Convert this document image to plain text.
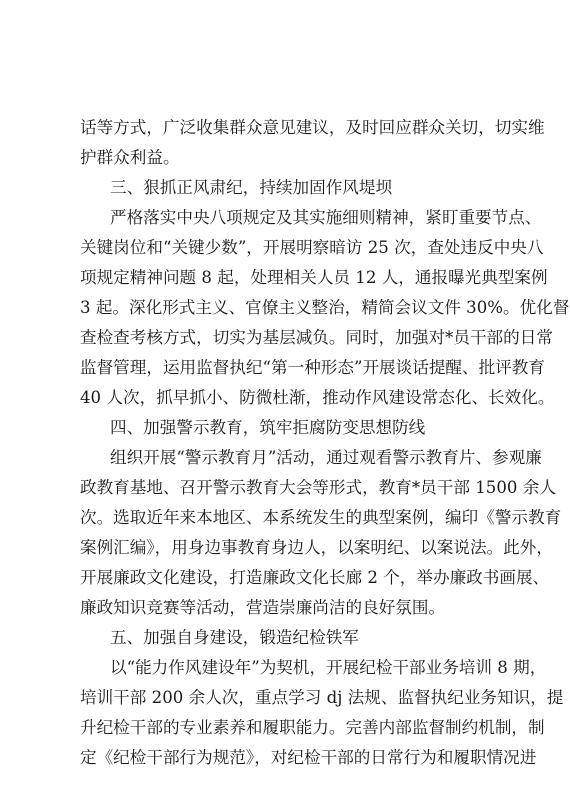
话等方式，广泛收集群众意见建议，及时回应群众关切，切实维
护群众利益。
三、狠抓正风肃纪，持续加固作风堤坝
严格落实中央八项规定及其实施细则精神，紧盯重要节点、
关键岗位和“关键少数”，开展明察暗访 25 次，查处违反中央八
项规定精神问题 8 起，处理相关人员 12 人，通报曝光典型案例
3 起。深化形式主义、官僚主义整治，精简会议文件 30%。优化督
查检查考核方式，切实为基层减负。同时，加强对*员干部的日常
监督管理，运用监督执纪“第一种形态”开展谈话提醒、批评教育
40 人次，抓早抓小、防微杜渐，推动作风建设常态化、长效化。
四、加强警示教育，筑牢拒腐防变思想防线
组织开展“警示教育月”活动，通过观看警示教育片、参观廉
政教育基地、召开警示教育大会等形式，教育*员干部 1500 余人
次。选取近年来本地区、本系统发生的典型案例，编印《警示教育
案例汇编》，用身边事教育身边人，以案明纪、以案说法。此外，
开展廉政文化建设，打造廉政文化长廊 2 个，举办廉政书画展、
廉政知识竞赛等活动，营造崇廉尚洁的良好氛围。
五、加强自身建设，锻造纪检铁军
以“能力作风建设年”为契机，开展纪检干部业务培训 8 期，
培训干部 200 余人次，重点学习 dj 法规、监督执纪业务知识，提
升纪检干部的专业素养和履职能力。完善内部监督制约机制，制
定《纪检干部行为规范》，对纪检干部的日常行为和履职情况进
